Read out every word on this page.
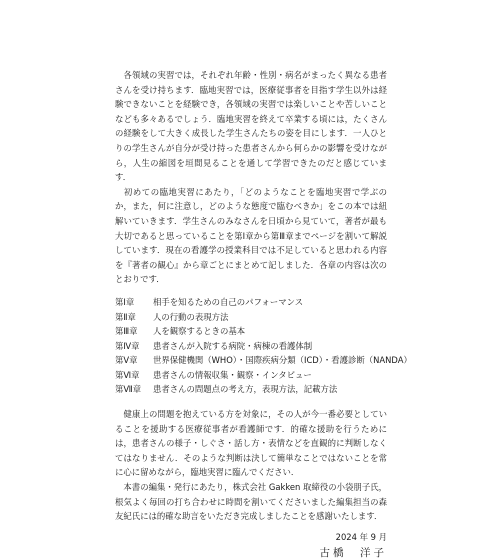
　各領域の実習では，それぞれ年齢・性別・病名がまったく異なる患者さんを受け持ちます．臨地実習では，医療従事者を目指す学生以外は経験できないことを経験でき，各領域の実習では楽しいことや苦しいことなども多々あるでしょう．臨地実習を終えて卒業する頃には，たくさんの経験をして大きく成長した学生さんたちの姿を目にします．一人ひとりの学生さんが自分が受け持った患者さんから何らかの影響を受けながら，人生の縮図を垣間見ることを通して学習できたのだと感じています．

　初めての臨地実習にあたり，「どのようなことを臨地実習で学ぶのか，また，何に注意し，どのような態度で臨むべきか」をこの本では紐解いていきます．学生さんのみなさんを日頃から見ていて，著者が最も大切であると思っていることを第Ⅰ章から第Ⅲ章までページを割いて解説しています．現在の看護学の授業科目では不足していると思われる内容を『著者の観心』から章ごとにまとめて記しました．各章の内容は次のとおりです．

第Ⅰ章	相手を知るための自己のパフォーマンス
第Ⅱ章	人の行動の表現方法
第Ⅲ章	人を観察するときの基本
第Ⅳ章	患者さんが入院する病院・病棟の看護体制
第Ⅴ章	世界保健機関（WHO）・国際疾病分類（ICD）・看護診断（NANDA）
第Ⅵ章	患者さんの情報収集・観察・インタビュー
第Ⅶ章	患者さんの問題点の考え方，表現方法，記載方法

　健康上の問題を抱えている方を対象に，その人が今一番必要としていることを援助する医療従事者が看護師です．的確な援助を行うためには，患者さんの様子・しぐさ・話し方・表情などを直観的に判断しなくてはなりません．そのような判断は決して簡単なことではないことを常に心に留めながら，臨地実習に臨んでください．

　本書の編集・発行にあたり，株式会社 Gakken 取締役の小袋朋子氏，根気よく毎回の打ち合わせに時間を割いてくださいました編集担当の森　友紀氏には的確な助言をいただき完成しましたことを感謝いたします．

2024 年 9 月
古橋　洋子
